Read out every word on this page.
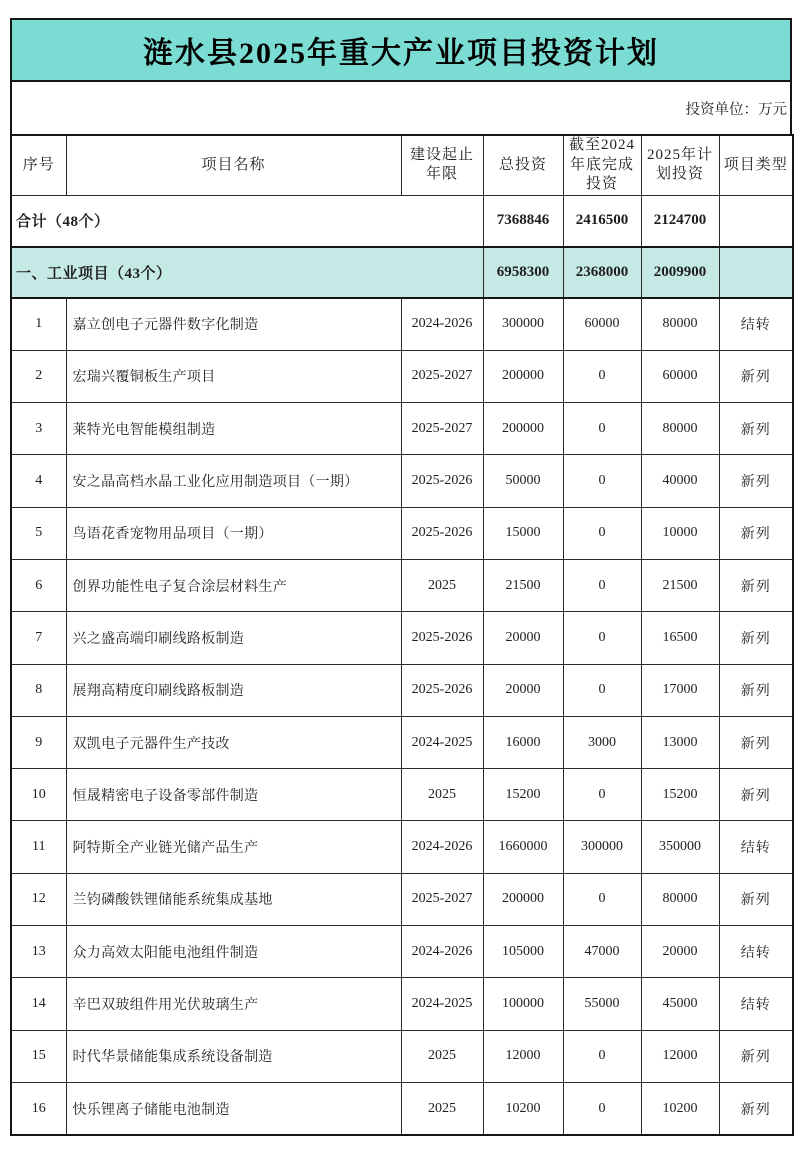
涟水县2025年重大产业项目投资计划
投资单位：万元
序号	项目名称	建设起止年限	总投资	截至2024年底完成投资	2025年计划投资	项目类型
合计（48个）			7368846	2416500	2124700	
一、工业项目（43个）			6958300	2368000	2009900	
1	嘉立创电子元器件数字化制造	2024-2026	300000	60000	80000	结转
2	宏瑞兴覆铜板生产项目	2025-2027	200000	0	60000	新列
3	莱特光电智能模组制造	2025-2027	200000	0	80000	新列
4	安之晶高档水晶工业化应用制造项目（一期）	2025-2026	50000	0	40000	新列
5	鸟语花香宠物用品项目（一期）	2025-2026	15000	0	10000	新列
6	创界功能性电子复合涂层材料生产	2025	21500	0	21500	新列
7	兴之盛高端印刷线路板制造	2025-2026	20000	0	16500	新列
8	展翔高精度印刷线路板制造	2025-2026	20000	0	17000	新列
9	双凯电子元器件生产技改	2024-2025	16000	3000	13000	新列
10	恒晟精密电子设备零部件制造	2025	15200	0	15200	新列
11	阿特斯全产业链光储产品生产	2024-2026	1660000	300000	350000	结转
12	兰钧磷酸铁锂储能系统集成基地	2025-2027	200000	0	80000	新列
13	众力高效太阳能电池组件制造	2024-2026	105000	47000	20000	结转
14	辛巴双玻组件用光伏玻璃生产	2024-2025	100000	55000	45000	结转
15	时代华景储能集成系统设备制造	2025	12000	0	12000	新列
16	快乐锂离子储能电池制造	2025	10200	0	10200	新列
